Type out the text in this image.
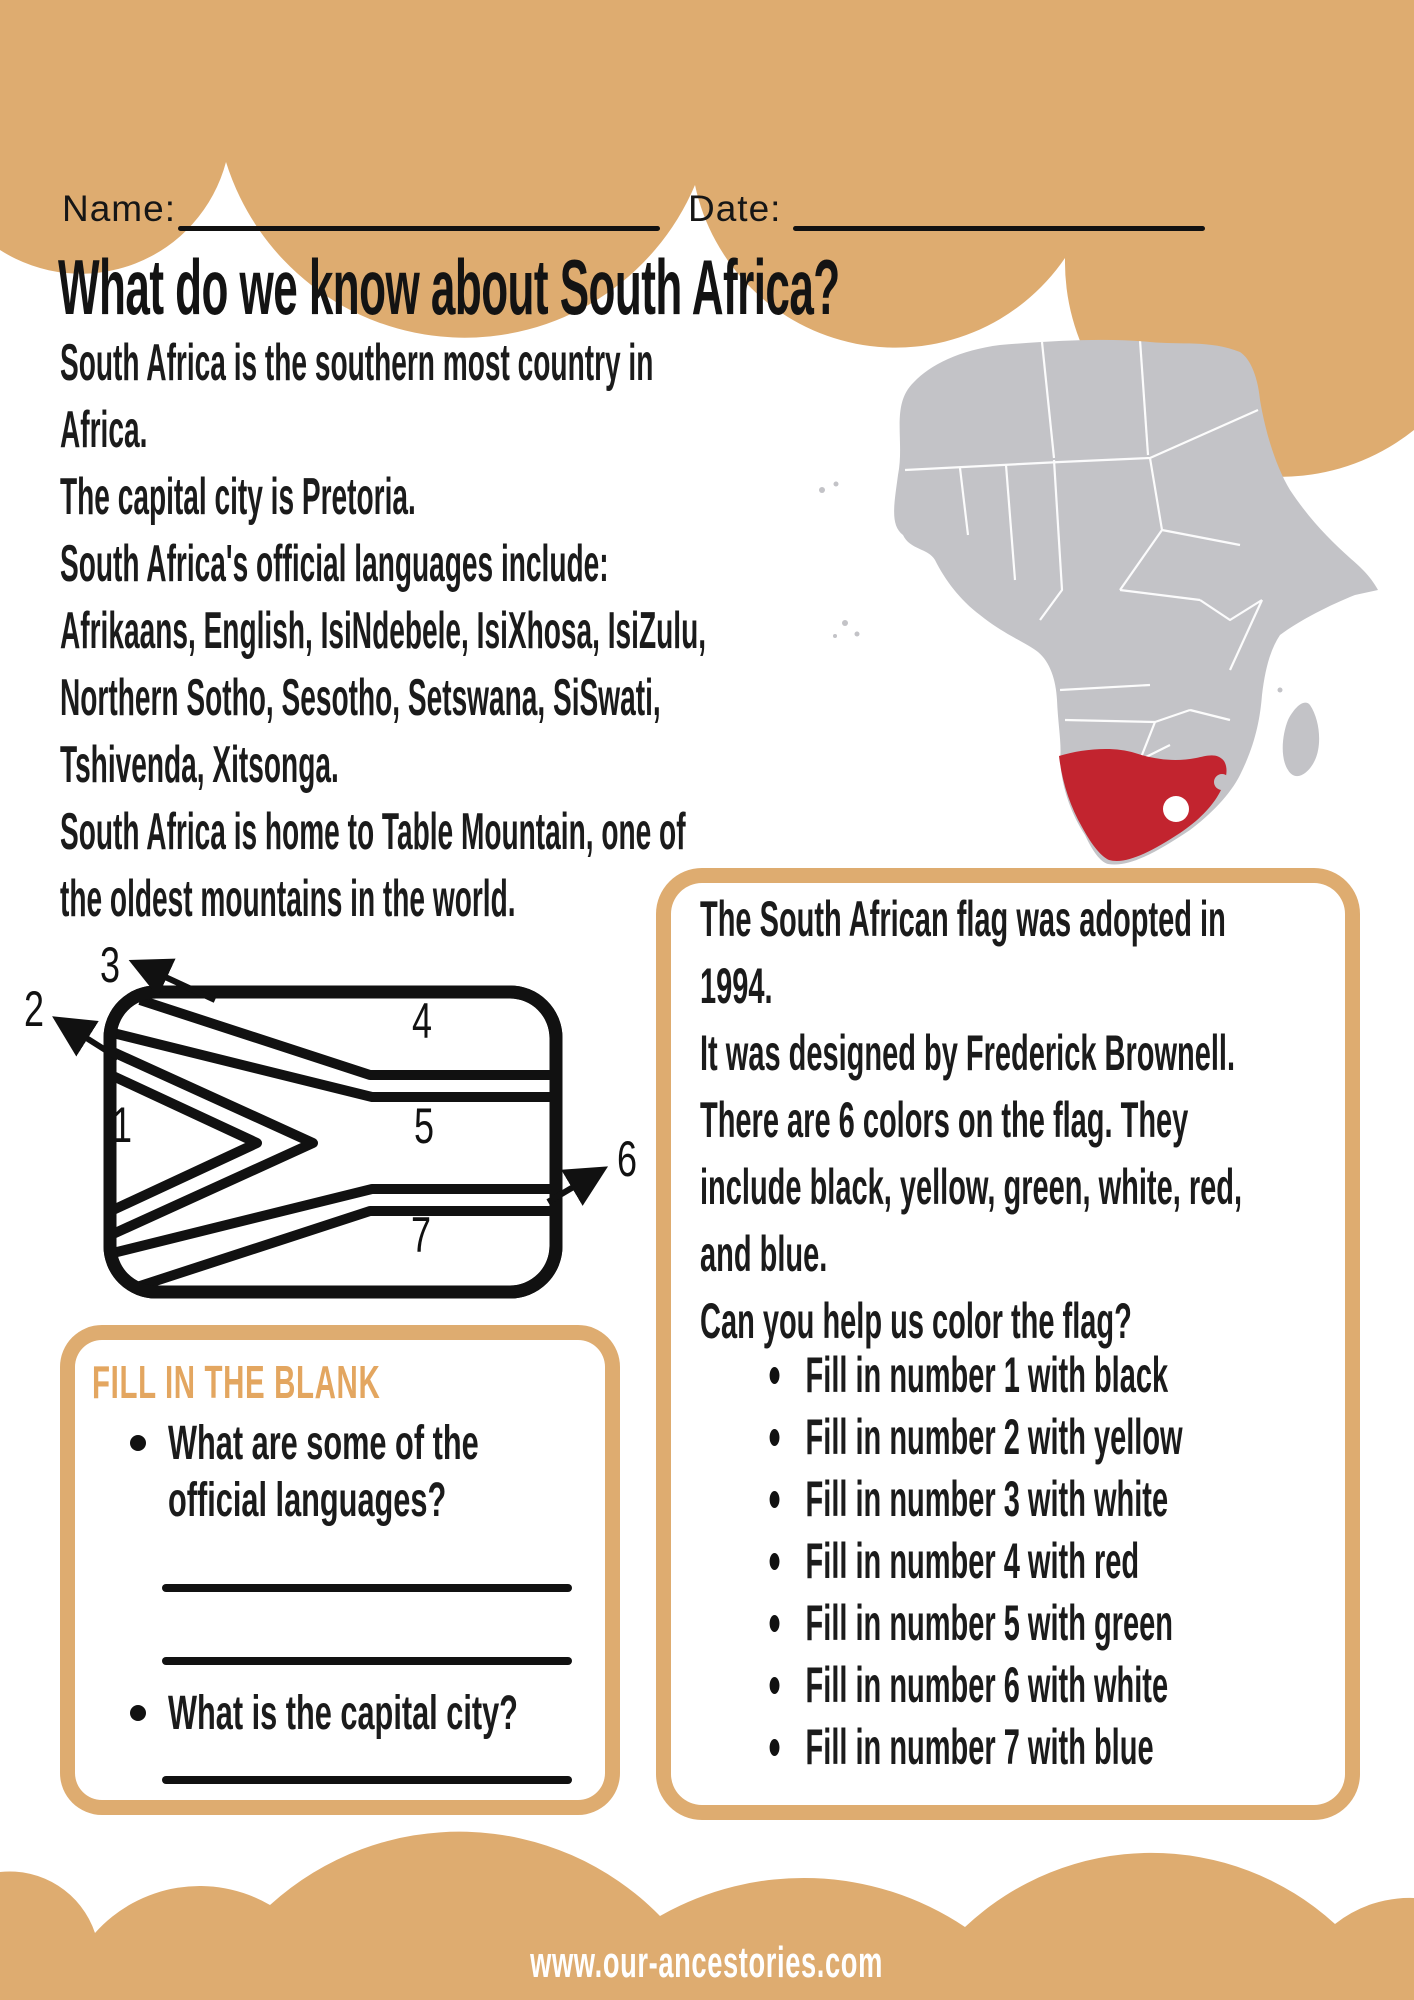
Name:	Date:
What do we know about South Africa?
South Africa is the southern most country in
Africa.
The capital city is Pretoria.
South Africa's official languages include:
Afrikaans, English, IsiNdebele, IsiXhosa, IsiZulu,
Northern Sotho, Sesotho, Setswana, SiSwati,
Tshivenda, Xitsonga.
South Africa is home to Table Mountain, one of
the oldest mountains in the world.
1
2
3
4
5
6
7
FILL IN THE BLANK
What are some of the
official languages?
What is the capital city?
The South African flag was adopted in
1994.
It was designed by Frederick Brownell.
There are 6 colors on the flag. They
include black, yellow, green, white, red,
and blue.
Can you help us color the flag?
Fill in number 1 with black
Fill in number 2 with yellow
Fill in number 3 with white
Fill in number 4 with red
Fill in number 5 with green
Fill in number 6 with white
Fill in number 7 with blue
www.our-ancestories.com
